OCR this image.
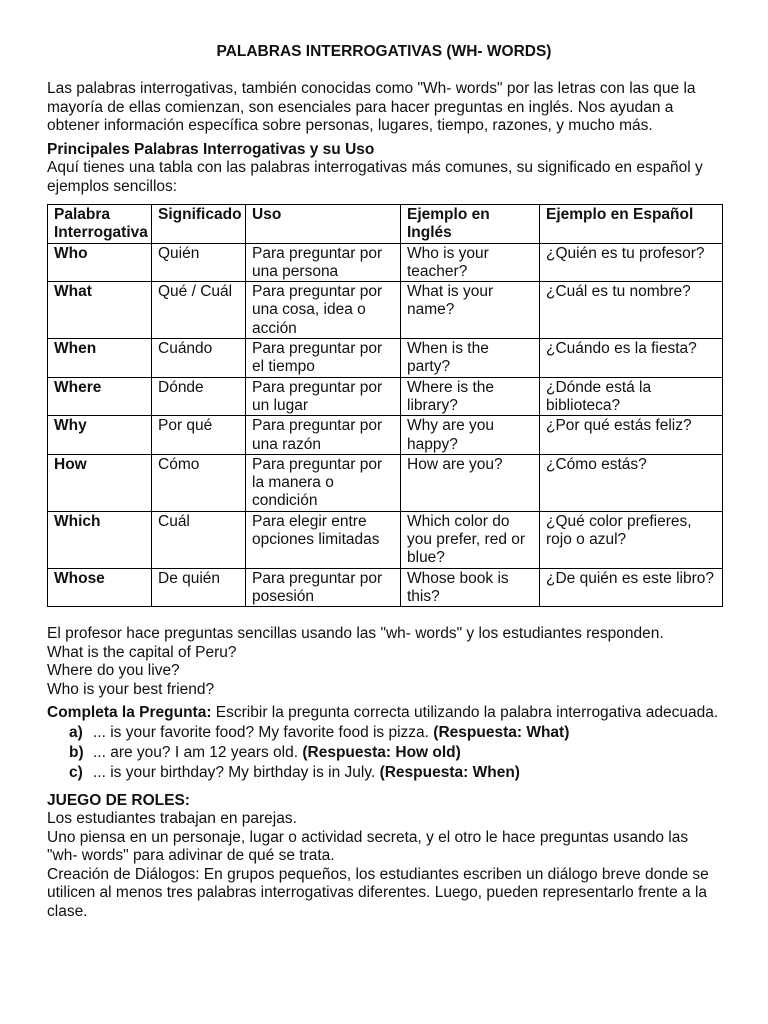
PALABRAS INTERROGATIVAS (WH- WORDS)

Las palabras interrogativas, también conocidas como "Wh- words" por las letras con las que la mayoría de ellas comienzan, son esenciales para hacer preguntas en inglés. Nos ayudan a obtener información específica sobre personas, lugares, tiempo, razones, y mucho más.

Principales Palabras Interrogativas y su Uso

Aquí tienes una tabla con las palabras interrogativas más comunes, su significado en español y ejemplos sencillos:

Palabra Interrogativa	Significado	Uso	Ejemplo en Inglés	Ejemplo en Español
Who	Quién	Para preguntar por una persona	Who is your teacher?	¿Quién es tu profesor?
What	Qué / Cuál	Para preguntar por una cosa, idea o acción	What is your name?	¿Cuál es tu nombre?
When	Cuándo	Para preguntar por el tiempo	When is the party?	¿Cuándo es la fiesta?
Where	Dónde	Para preguntar por un lugar	Where is the library?	¿Dónde está la biblioteca?
Why	Por qué	Para preguntar por una razón	Why are you happy?	¿Por qué estás feliz?
How	Cómo	Para preguntar por la manera o condición	How are you?	¿Cómo estás?
Which	Cuál	Para elegir entre opciones limitadas	Which color do you prefer, red or blue?	¿Qué color prefieres, rojo o azul?
Whose	De quién	Para preguntar por posesión	Whose book is this?	¿De quién es este libro?

El profesor hace preguntas sencillas usando las "wh- words" y los estudiantes responden.

What is the capital of Peru?

Where do you live?

Who is your best friend?

Completa la Pregunta: Escribir la pregunta correcta utilizando la palabra interrogativa adecuada.

a) ... is your favorite food? My favorite food is pizza. (Respuesta: What)
b) ... are you? I am 12 years old. (Respuesta: How old)
c) ... is your birthday? My birthday is in July. (Respuesta: When)

JUEGO DE ROLES:

Los estudiantes trabajan en parejas.

Uno piensa en un personaje, lugar o actividad secreta, y el otro le hace preguntas usando las

"wh- words" para adivinar de qué se trata.

Creación de Diálogos: En grupos pequeños, los estudiantes escriben un diálogo breve donde se utilicen al menos tres palabras interrogativas diferentes. Luego, pueden representarlo frente a la clase.
